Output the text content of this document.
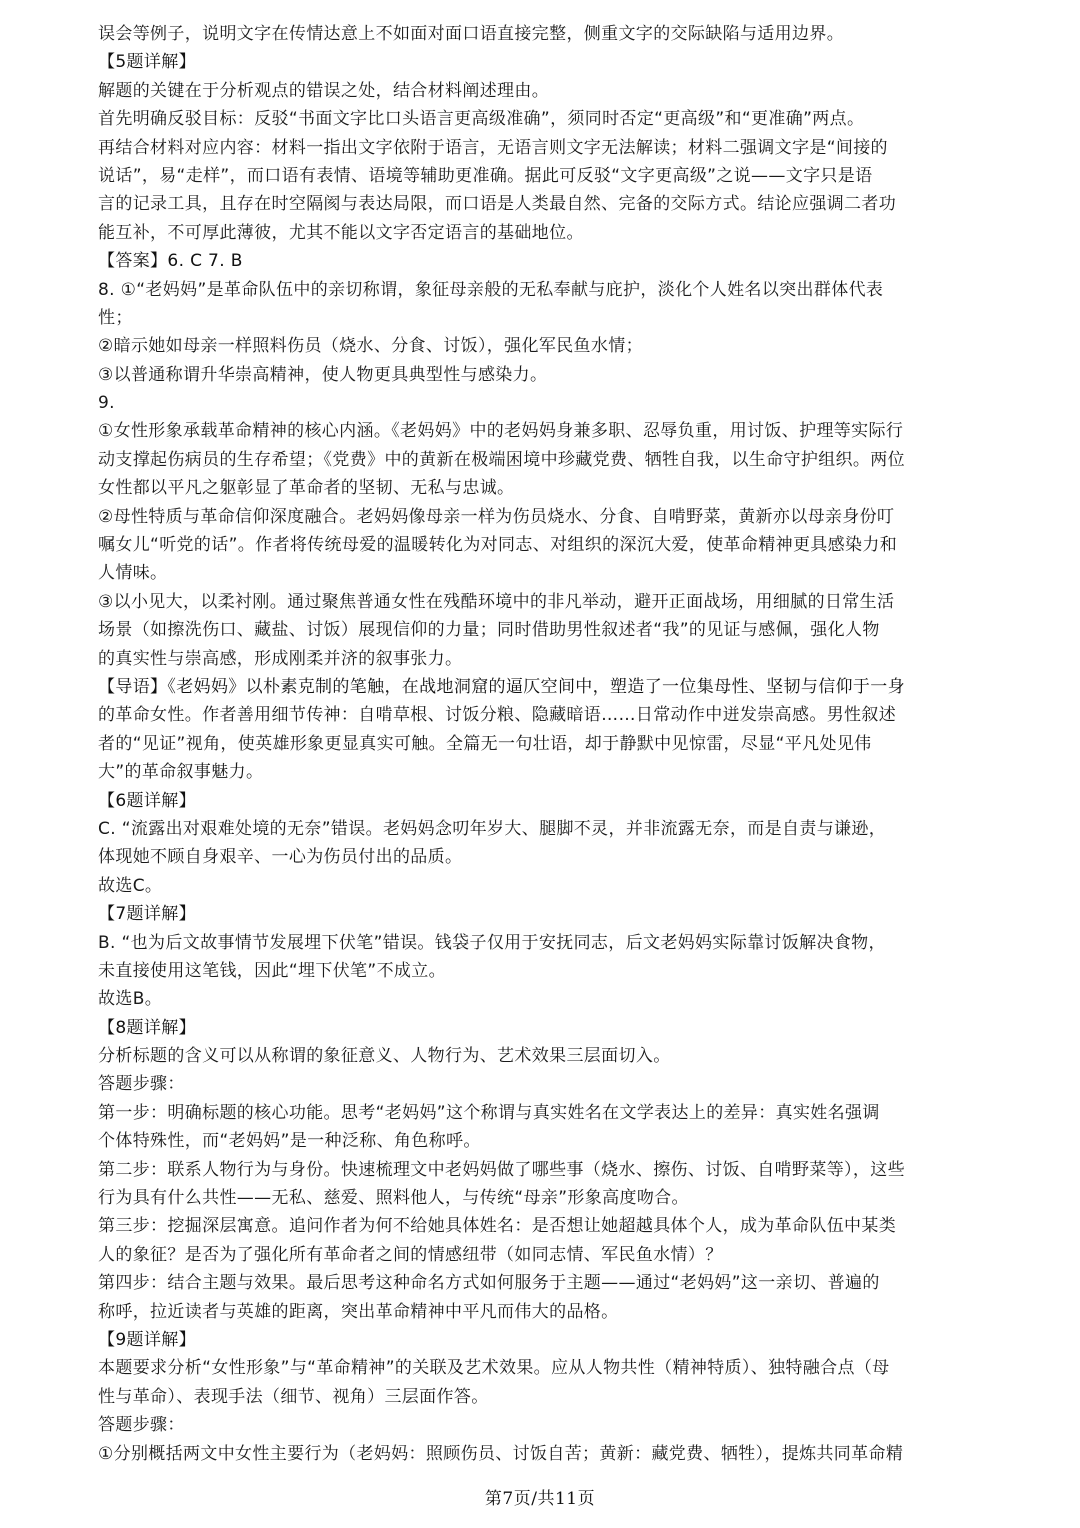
误会等例子，说明文字在传情达意上不如面对面口语直接完整，侧重文字的交际缺陷与适用边界。
【5题详解】
解题的关键在于分析观点的错误之处，结合材料阐述理由。
首先明确反驳目标：反驳“书面文字比口头语言更高级准确”，须同时否定“更高级”和“更准确”两点。
再结合材料对应内容：材料一指出文字依附于语言，无语言则文字无法解读；材料二强调文字是“间接的
说话”，易“走样”，而口语有表情、语境等辅助更准确。据此可反驳“文字更高级”之说——文字只是语
言的记录工具，且存在时空隔阂与表达局限，而口语是人类最自然、完备的交际方式。结论应强调二者功
能互补，不可厚此薄彼，尤其不能以文字否定语言的基础地位。
【答案】6. C 7. B
8. ①“老妈妈”是革命队伍中的亲切称谓，象征母亲般的无私奉献与庇护，淡化个人姓名以突出群体代表
性；
②暗示她如母亲一样照料伤员（烧水、分食、讨饭），强化军民鱼水情；
③以普通称谓升华崇高精神，使人物更具典型性与感染力。
9.
①女性形象承载革命精神的核心内涵。《老妈妈》中的老妈妈身兼多职、忍辱负重，用讨饭、护理等实际行
动支撑起伤病员的生存希望；《党费》中的黄新在极端困境中珍藏党费、牺牲自我，以生命守护组织。两位
女性都以平凡之躯彰显了革命者的坚韧、无私与忠诚。
②母性特质与革命信仰深度融合。老妈妈像母亲一样为伤员烧水、分食、自啃野菜，黄新亦以母亲身份叮
嘱女儿“听党的话”。作者将传统母爱的温暖转化为对同志、对组织的深沉大爱，使革命精神更具感染力和
人情味。
③以小见大，以柔衬刚。通过聚焦普通女性在残酷环境中的非凡举动，避开正面战场，用细腻的日常生活
场景（如擦洗伤口、藏盐、讨饭）展现信仰的力量；同时借助男性叙述者“我”的见证与感佩，强化人物
的真实性与崇高感，形成刚柔并济的叙事张力。
【导语】《老妈妈》以朴素克制的笔触，在战地洞窟的逼仄空间中，塑造了一位集母性、坚韧与信仰于一身
的革命女性。作者善用细节传神：自啃草根、讨饭分粮、隐藏暗语……日常动作中迸发崇高感。男性叙述
者的“见证”视角，使英雄形象更显真实可触。全篇无一句壮语，却于静默中见惊雷，尽显“平凡处见伟
大”的革命叙事魅力。
【6题详解】
C. “流露出对艰难处境的无奈”错误。老妈妈念叨年岁大、腿脚不灵，并非流露无奈，而是自责与谦逊，
体现她不顾自身艰辛、一心为伤员付出的品质。
故选C。
【7题详解】
B. “也为后文故事情节发展埋下伏笔”错误。钱袋子仅用于安抚同志，后文老妈妈实际靠讨饭解决食物，
未直接使用这笔钱，因此“埋下伏笔”不成立。
故选B。
【8题详解】
分析标题的含义可以从称谓的象征意义、人物行为、艺术效果三层面切入。
答题步骤：
第一步：明确标题的核心功能。思考“老妈妈”这个称谓与真实姓名在文学表达上的差异：真实姓名强调
个体特殊性，而“老妈妈”是一种泛称、角色称呼。
第二步：联系人物行为与身份。快速梳理文中老妈妈做了哪些事（烧水、擦伤、讨饭、自啃野菜等），这些
行为具有什么共性——无私、慈爱、照料他人，与传统“母亲”形象高度吻合。
第三步：挖掘深层寓意。追问作者为何不给她具体姓名：是否想让她超越具体个人，成为革命队伍中某类
人的象征？是否为了强化所有革命者之间的情感纽带（如同志情、军民鱼水情）？
第四步：结合主题与效果。最后思考这种命名方式如何服务于主题——通过“老妈妈”这一亲切、普遍的
称呼，拉近读者与英雄的距离，突出革命精神中平凡而伟大的品格。
【9题详解】
本题要求分析“女性形象”与“革命精神”的关联及艺术效果。应从人物共性（精神特质）、独特融合点（母
性与革命）、表现手法（细节、视角）三层面作答。
答题步骤：
①分别概括两文中女性主要行为（老妈妈：照顾伤员、讨饭自苦；黄新：藏党费、牺牲），提炼共同革命精
第7页/共11页
